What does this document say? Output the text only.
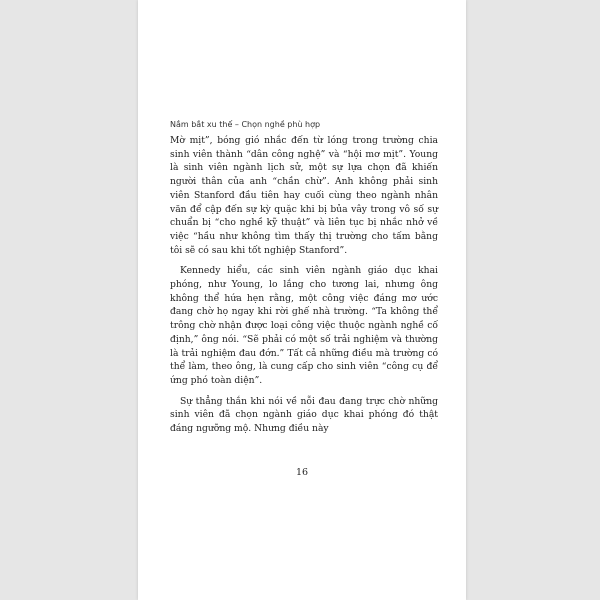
Nắm bắt xu thế – Chọn nghề phù hợp

Mờ mịt”, bóng gió nhắc đến từ lóng trong trường chia sinh viên thành “dân công nghệ” và “hội mơ mịt”. Young là sinh viên ngành lịch sử, một sự lựa chọn đã khiến người thân của anh “chần chừ”. Anh không phải sinh viên Stanford đầu tiên hay cuối cùng theo ngành nhân văn để cập đến sự kỳ quặc khi bị bủa vây trong vô số sự chuẩn bị “cho nghề kỹ thuật” và liên tục bị nhắc nhở về việc “hầu như không tìm thấy thị trường cho tấm bằng tôi sẽ có sau khi tốt nghiệp Stanford”.

Kennedy hiểu, các sinh viên ngành giáo dục khai phóng, như Young, lo lắng cho tương lai, nhưng ông không thể hứa hẹn rằng, một công việc đáng mơ ước đang chờ họ ngay khi rời ghế nhà trường. “Ta không thể trông chờ nhận được loại công việc thuộc ngành nghề cố định,” ông nói. “Sẽ phải có một số trải nghiệm và thường là trải nghiệm đau đớn.” Tất cả những điều mà trường có thể làm, theo ông, là cung cấp cho sinh viên “công cụ để ứng phó toàn diện”.

Sự thẳng thắn khi nói về nỗi đau đang trực chờ những sinh viên đã chọn ngành giáo dục khai phóng đó thật đáng ngưỡng mộ. Nhưng điều này

16
